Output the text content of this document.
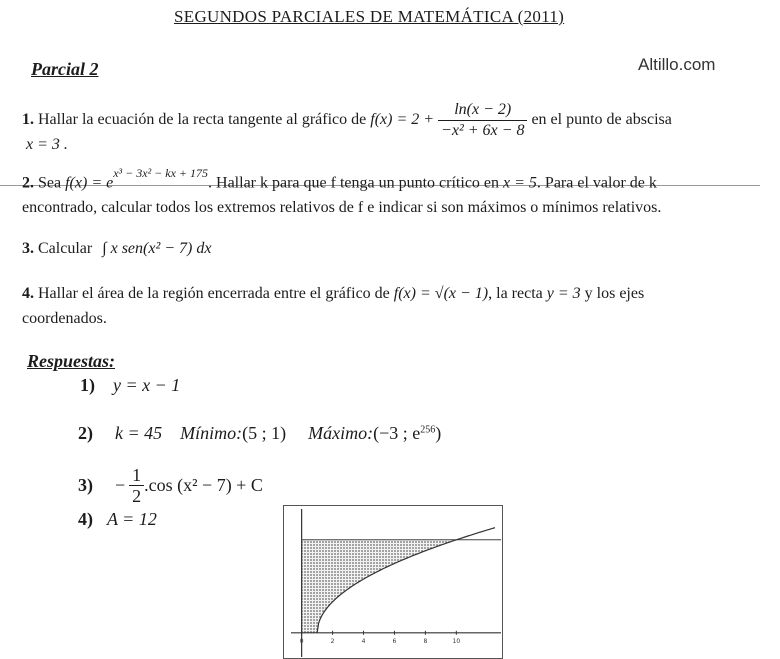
SEGUNDOS PARCIALES DE MATEMÁTICA (2011)
Parcial 2	Altillo.com
1. Hallar la ecuación de la recta tangente al gráfico de $f(x) = 2 + \frac{\ln(x - 2)}{\text{−x² + 6x − 8}}$ en el punto de abscisa
x = 3 .
2. Sea $f(x) = e^{x^3 - 3x^2 - kx + 175}$. Hallar k para que f tenga un punto crítico en x = 5. Para el valor de k
encontrado, calcular todos los extremos relativos de f e indicar si son máximos o mínimos relativos.
3. Calcular ∫ x sen(x² − 7) dx
4. Hallar el área de la región encerrada entre el gráfico de f(x) = √(x − 1), la recta y = 3 y los ejes
coordenados.
Respuestas:
1) y = x − 1
2) k = 45 Mínimo:(5 ; 1) Máximo:(−3 ; $e^{256}$)
$3) - \frac{1}{2} .\cos$ (x² − 7) + C
4) A = 12
0	2	4	6	8	10
